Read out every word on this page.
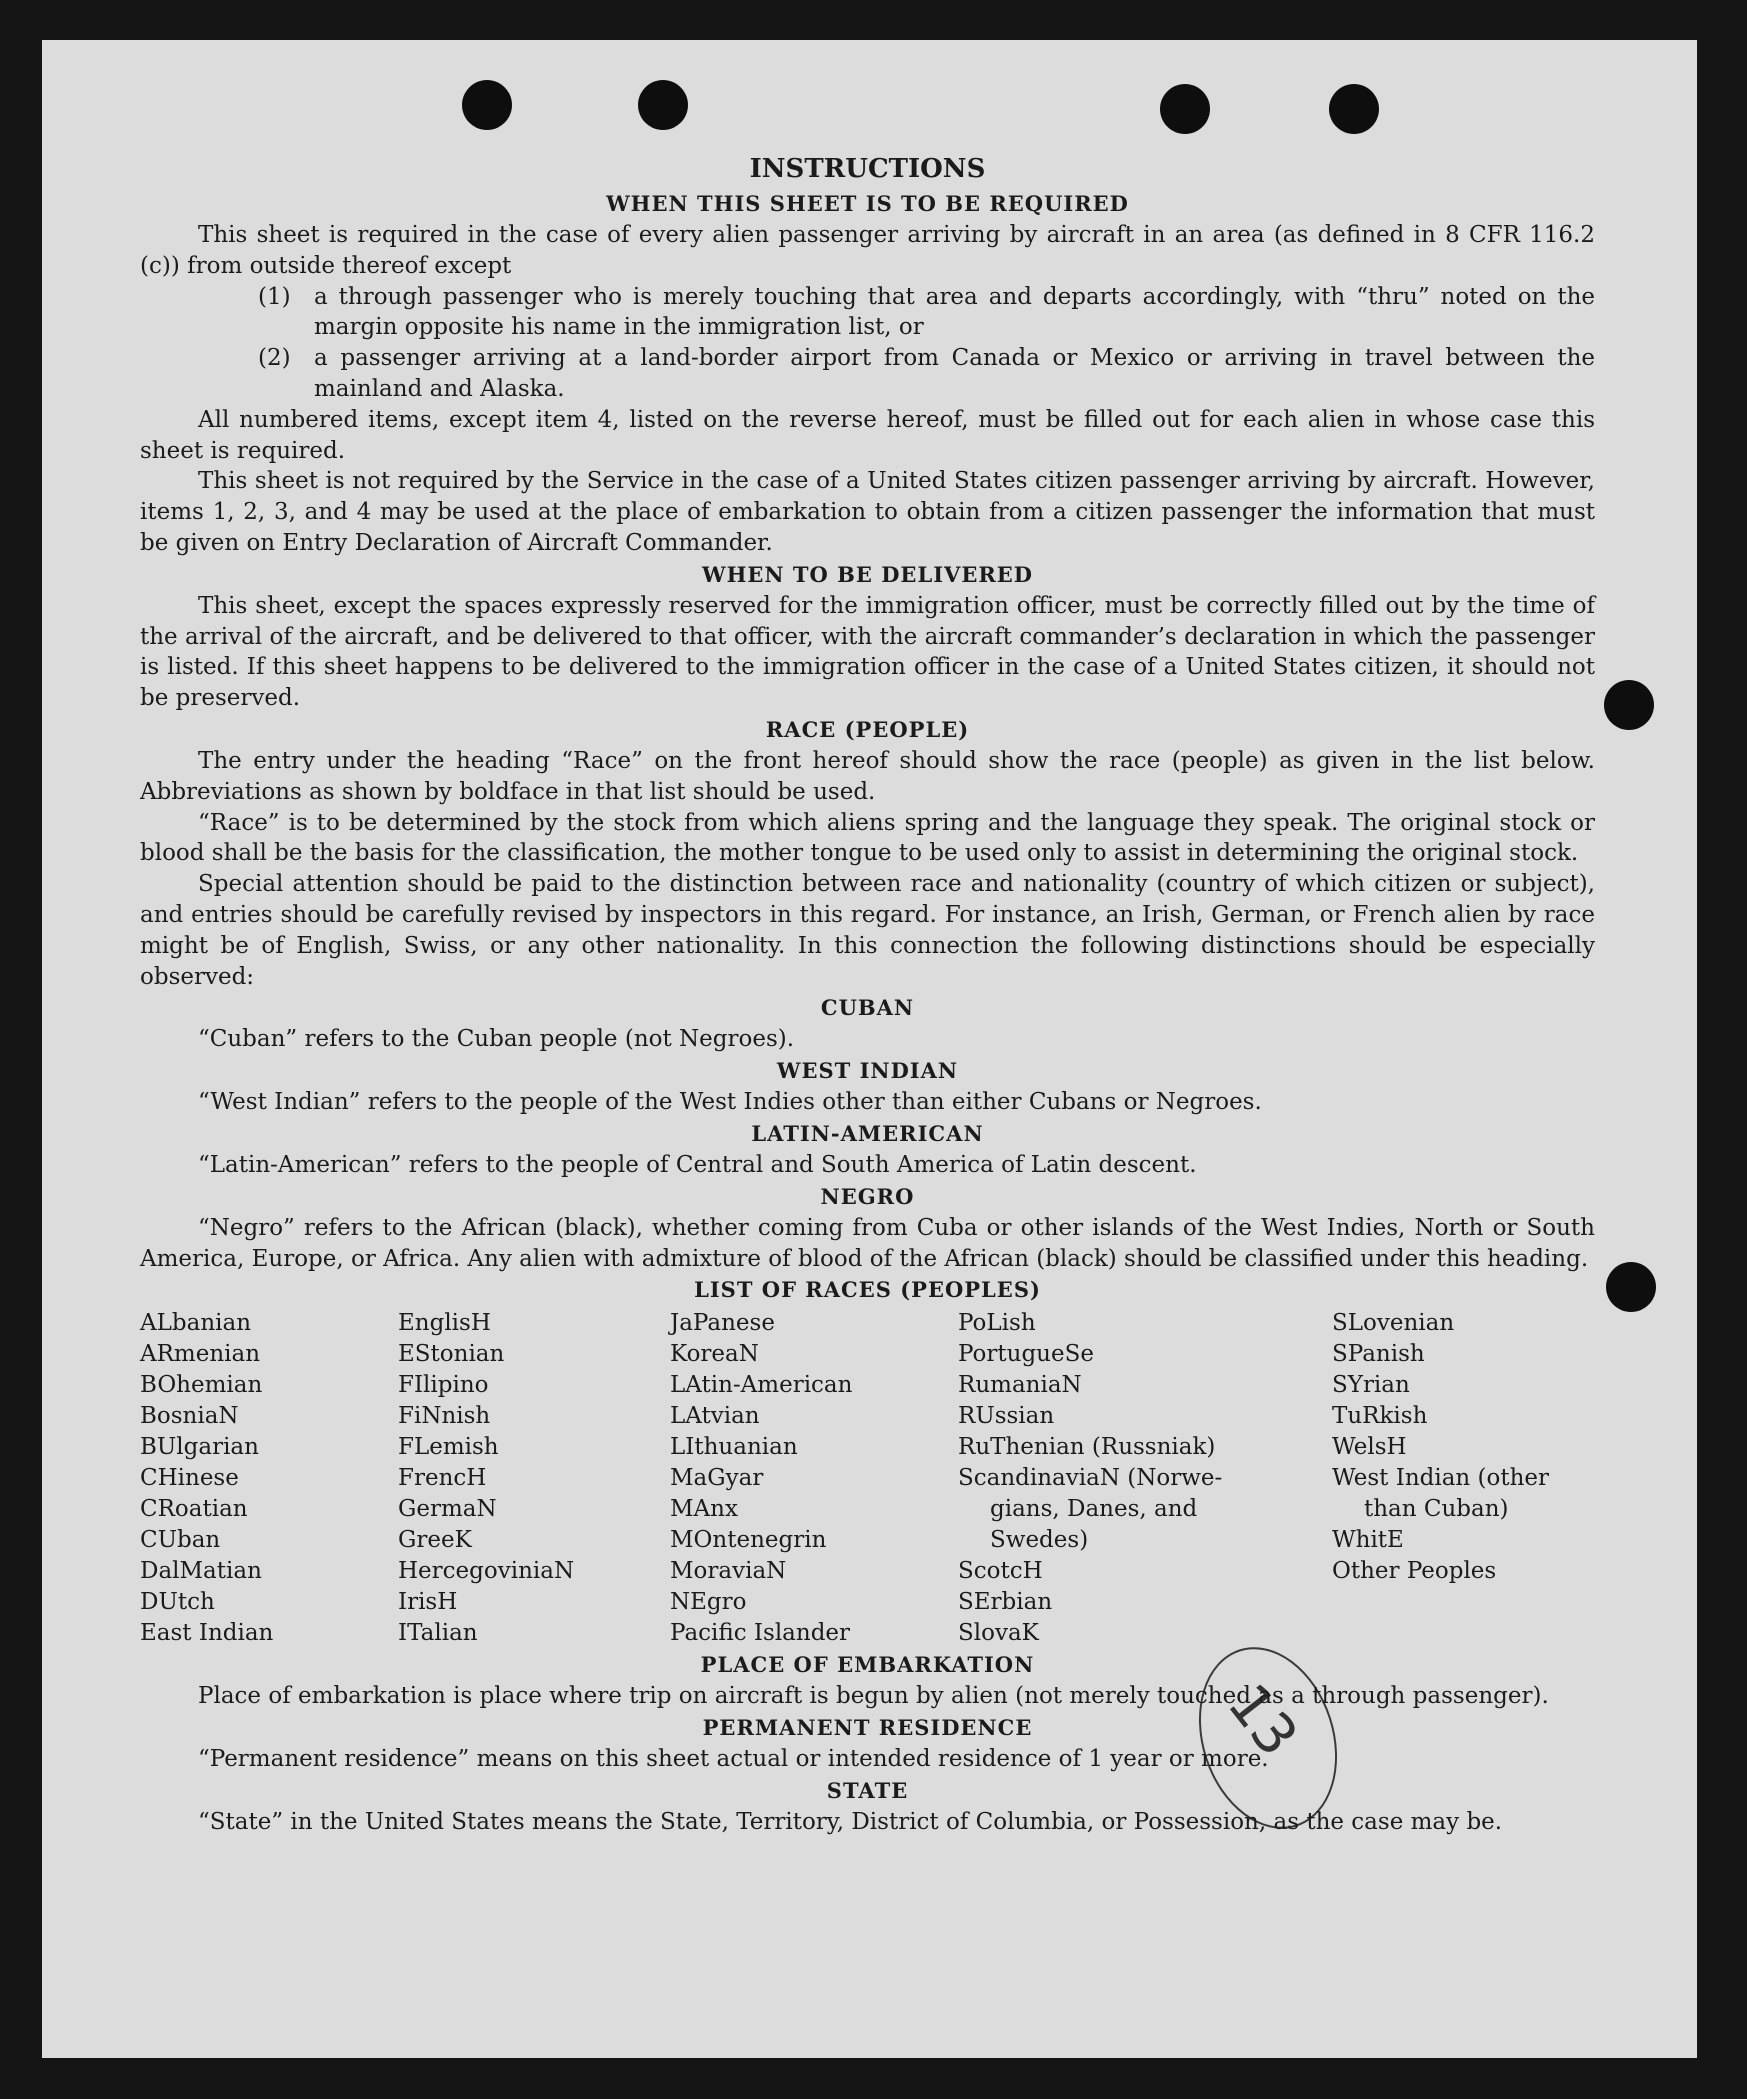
13
INSTRUCTIONS
WHEN THIS SHEET IS TO BE REQUIRED

This sheet is required in the case of every alien passenger arriving by aircraft in an area (as defined in 8 CFR 116.2 (c)) from outside thereof except

(1)	a through passenger who is merely touching that area and departs accordingly, with “thru” noted on the margin opposite his name in the immigration list, or
(2)	a passenger arriving at a land-border airport from Canada or Mexico or arriving in travel between the mainland and Alaska.

All numbered items, except item 4, listed on the reverse hereof, must be filled out for each alien in whose case this sheet is required.

This sheet is not required by the Service in the case of a United States citizen passenger arriving by aircraft. However, items 1, 2, 3, and 4 may be used at the place of embarkation to obtain from a citizen passenger the information that must be given on Entry Declaration of Aircraft Commander.

WHEN TO BE DELIVERED

This sheet, except the spaces expressly reserved for the immigration officer, must be correctly filled out by the time of the arrival of the aircraft, and be delivered to that officer, with the aircraft commander’s declaration in which the passenger is listed. If this sheet happens to be delivered to the immigration officer in the case of a United States citizen, it should not be preserved.

RACE (PEOPLE)

The entry under the heading “Race” on the front hereof should show the race (people) as given in the list below. Abbreviations as shown by boldface in that list should be used.

“Race” is to be determined by the stock from which aliens spring and the language they speak. The original stock or blood shall be the basis for the classification, the mother tongue to be used only to assist in determining the original stock.

Special attention should be paid to the distinction between race and nationality (country of which citizen or subject), and entries should be carefully revised by inspectors in this regard. For instance, an Irish, German, or French alien by race might be of English, Swiss, or any other nationality. In this connection the following distinctions should be especially observed:

CUBAN

“Cuban” refers to the Cuban people (not Negroes).

WEST INDIAN

“West Indian” refers to the people of the West Indies other than either Cubans or Negroes.

LATIN-AMERICAN

“Latin-American” refers to the people of Central and South America of Latin descent.

NEGRO

“Negro” refers to the African (black), whether coming from Cuba or other islands of the West Indies, North or South America, Europe, or Africa. Any alien with admixture of blood of the African (black) should be classified under this heading.

LIST OF RACES (PEOPLES)
ALbanian
ARmenian
BOhemian
BosniaN
BUlgarian
CHinese
CRoatian
CUban
DalMatian
DUtch
East Indian
EnglisH
EStonian
FIlipino
FiNnish
FLemish
FrencH
GermaN
GreeK
HercegoviniaN
IrisH
ITalian
JaPanese
KoreaN
LAtin-American
LAtvian
LIthuanian
MaGyar
MAnx
MOntenegrin
MoraviaN
NEgro
Pacific Islander
PoLish
PortugueSe
RumaniaN
RUssian
RuThenian (Russniak)
ScandinaviaN (Norwe-
gians, Danes, and
Swedes)
ScotcH
SErbian
SlovaK
SLovenian
SPanish
SYrian
TuRkish
WelsH
West Indian (other
than Cuban)
WhitE
Other Peoples
PLACE OF EMBARKATION

Place of embarkation is place where trip on aircraft is begun by alien (not merely touched as a through passenger).

PERMANENT RESIDENCE

“Permanent residence” means on this sheet actual or intended residence of 1 year or more.

STATE

“State” in the United States means the State, Territory, District of Columbia, or Possession, as the case may be.
